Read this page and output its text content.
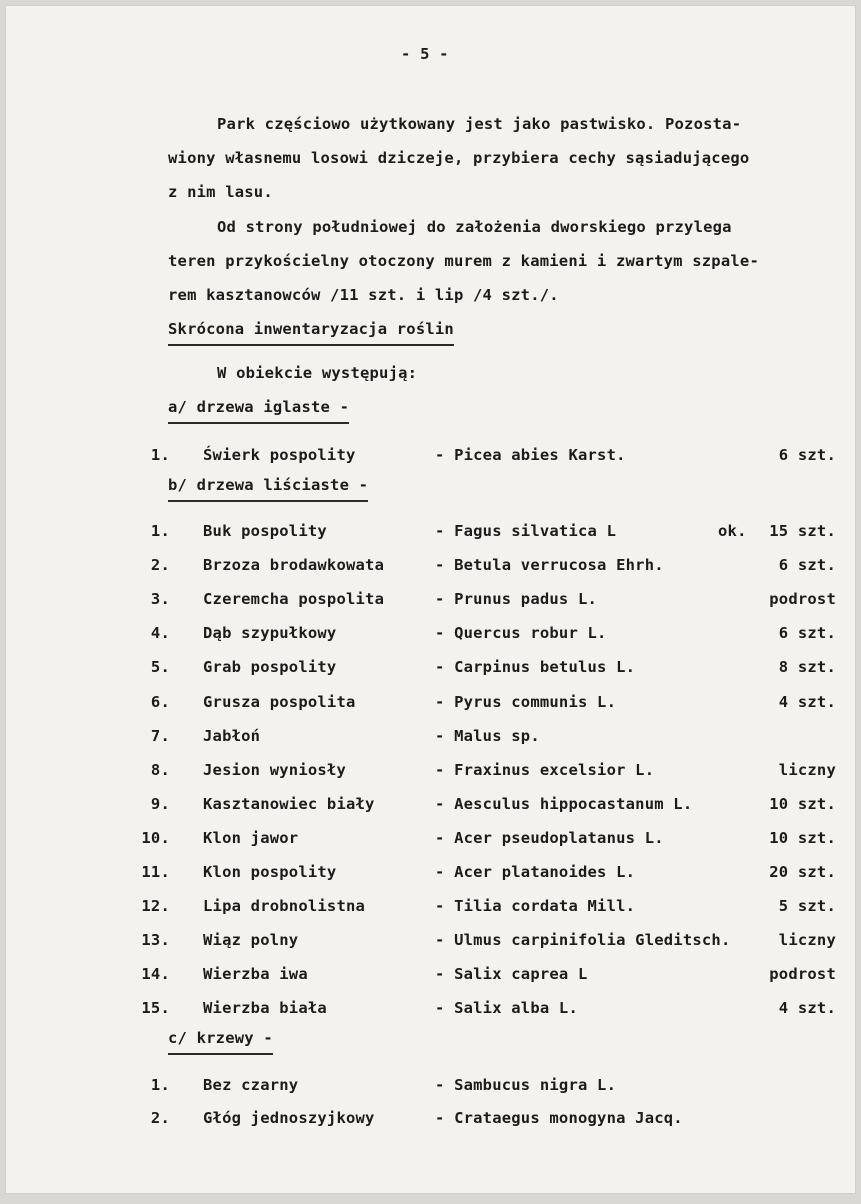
- 5 -
Park częściowo użytkowany jest jako pastwisko. Pozosta-
wiony własnemu losowi dziczeje, przybiera cechy sąsiadującego
z nim lasu.
Od strony południowej do założenia dworskiego przylega
teren przykościelny otoczony murem z kamieni i zwartym szpale-
rem kasztanowców /11 szt. i lip /4 szt./.
Skrócona inwentaryzacja roślin
W obiekcie występują:
a/ drzewa iglaste -
1. Świerk pospolity	- Picea abies Karst.	6 szt.
b/ drzewa liściaste -
1. Buk pospolity	- Fagus silvatica L	ok. 15 szt.
2. Brzoza brodawkowata	- Betula verrucosa Ehrh.	6 szt.
3. Czeremcha pospolita	- Prunus padus L.	podrost
4. Dąb szypułkowy	- Quercus robur L.	6 szt.
5. Grab pospolity	- Carpinus betulus L.	8 szt.
6. Grusza pospolita	- Pyrus communis L.	4 szt.
7. Jabłoń	- Malus sp.
8. Jesion wyniosły	- Fraxinus excelsior L.	liczny
9. Kasztanowiec biały	- Aesculus hippocastanum L.	10 szt.
10. Klon jawor	- Acer pseudoplatanus L.	10 szt.
11. Klon pospolity	- Acer platanoides L.	20 szt.
12. Lipa drobnolistna	- Tilia cordata Mill.	5 szt.
13. Wiąz polny	- Ulmus carpinifolia Gleditsch.	liczny
14. Wierzba iwa	- Salix caprea L	podrost
15. Wierzba biała	- Salix alba L.	4 szt.
c/ krzewy -
1. Bez czarny	- Sambucus nigra L.
2. Głóg jednoszyjkowy	- Crataegus monogyna Jacq.
